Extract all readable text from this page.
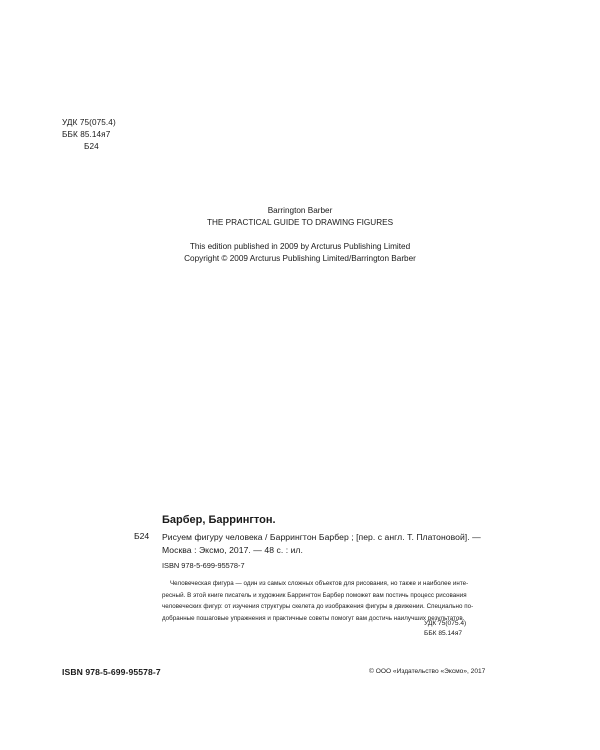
УДК 75(075.4)
ББК 85.14я7
Б24
Barrington Barber
THE PRACTICAL GUIDE TO DRAWING FIGURES
This edition published in 2009 by Arcturus Publishing Limited
Copyright © 2009 Arcturus Publishing Limited/Barrington Barber
Барбер, Баррингтон.
Б24 Рисуем фигуру человека / Баррингтон Барбер ; [пер. с англ. Т. Платоновой]. —
Москва : Эксмо, 2017. — 48 с. : ил.
ISBN 978-5-699-95578-7
Человеческая фигура — один из самых сложных объектов для рисования, но также и наиболее инте-
ресный. В этой книге писатель и художник Баррингтон Барбер поможет вам постичь процесс рисования
человеческих фигур: от изучения структуры скелета до изображения фигуры в движении. Специально по-
добранные пошаговые упражнения и практичные советы помогут вам достичь наилучших результатов.
УДК 75(075.4)
ББК 85.14я7
ISBN 978-5-699-95578-7	© ООО «Издательство «Эксмо», 2017
